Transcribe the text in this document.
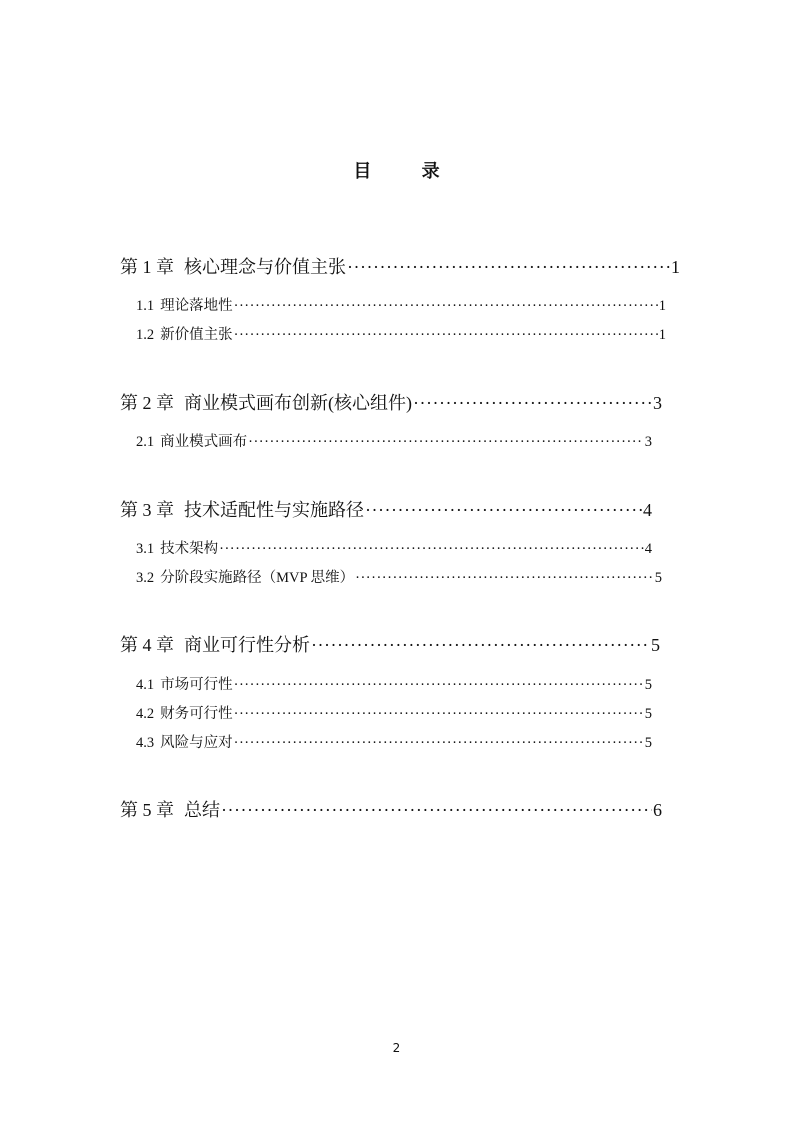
目 录
第 1 章 核心理念与价值主张 ·····	1
1.1 理论落地性 ·····	1
1.2 新价值主张 ·····	1
第 2 章 商业模式画布创新(核心组件) ·····	3
2.1 商业模式画布 ·····	3
第 3 章 技术适配性与实施路径 ·····	4
3.1 技术架构 ·····	4
3.2 分阶段实施路径（MVP 思维） ·····	5
第 4 章 商业可行性分析 ·····	5
4.1 市场可行性 ·····	5
4.2 财务可行性 ·····	5
4.3 风险与应对 ·····	5
第 5 章 总结 ·····	6
2
